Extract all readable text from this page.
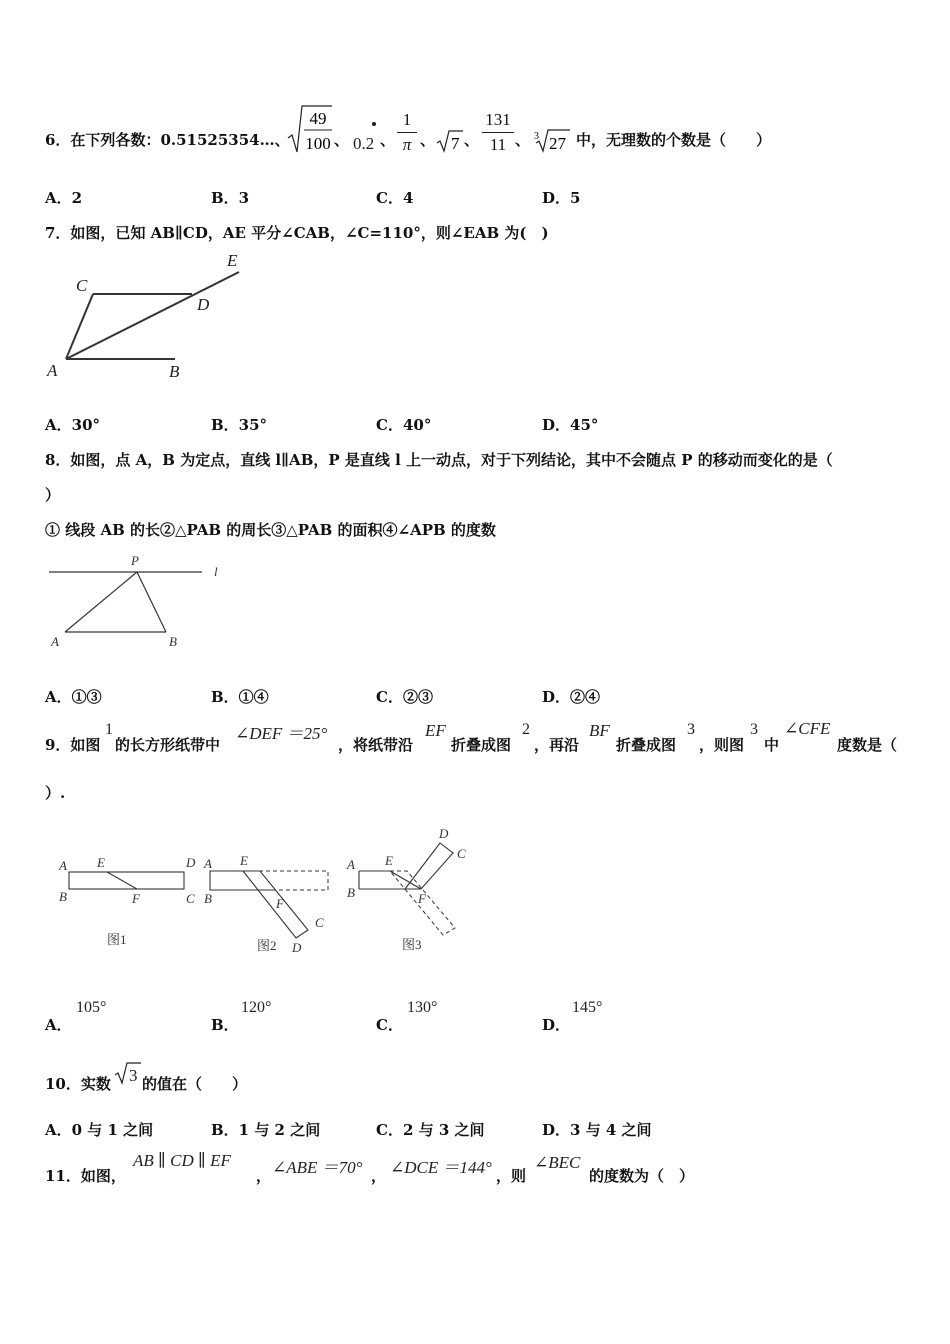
6．在下列各数：0.51525354…、
49
100 、 0.2 、
1
π 、 7 、
131
11 、 3 27 中，无理数的个数是（　　）
A．2	B．3	C．4	D．5
7．如图，已知 AB∥CD，AE 平分∠CAB，∠C=110°，则∠EAB 为(　)
C
E
D
A	B
A．30°	B．35°	C．40°	D．45°
8．如图，点 A，B 为定点，直线 l∥AB，P 是直线 l 上一动点，对于下列结论，其中不会随点 P 的移动而变化的是（
）
① 线段 AB 的长②△PAB 的周长③△PAB 的面积④∠APB 的度数
P
l
A	B
A．①③	B．①④	C．②③	D．②④
9．如图
1
的长方形纸带中
∠DEF ＝25°
，将纸带沿
EF
折叠成图
2
，再沿
BF
折叠成图
3
，则图
3
中
∠CFE
度数是（
）.
A E	D
B	F	C
图1
A E
B	F
C
D
图2
A E
B	F
D
C
图3
A．
105°
B．
120°
C．
130°
D．
145°
10．实数 3 的值在（　　）
A．0 与 1 之间	B．1 与 2 之间	C．2 与 3 之间	D．3 与 4 之间
11．如图，
AB ∥ CD ∥ EF
， ∠ABE ＝70° ， ∠DCE ＝144° ，则
∠BEC
的度数为（　）
